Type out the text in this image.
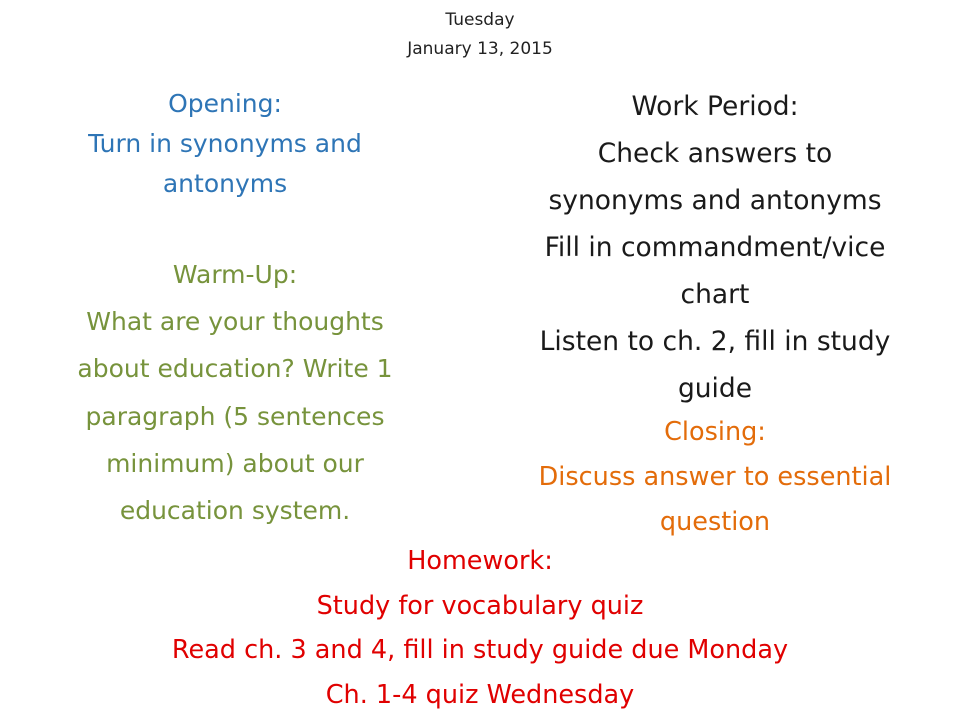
Tuesday
January 13, 2015
Opening:
Turn in synonyms and
antonyms
Warm-Up:
What are your thoughts
about education? Write 1
paragraph (5 sentences
minimum) about our
education system.
Work Period:
Check answers to
synonyms and antonyms
Fill in commandment/vice
chart
Listen to ch. 2, fill in study
guide
Closing:
Discuss answer to essential
question
Homework:
Study for vocabulary quiz
Read ch. 3 and 4, fill in study guide due Monday
Ch. 1-4 quiz Wednesday
